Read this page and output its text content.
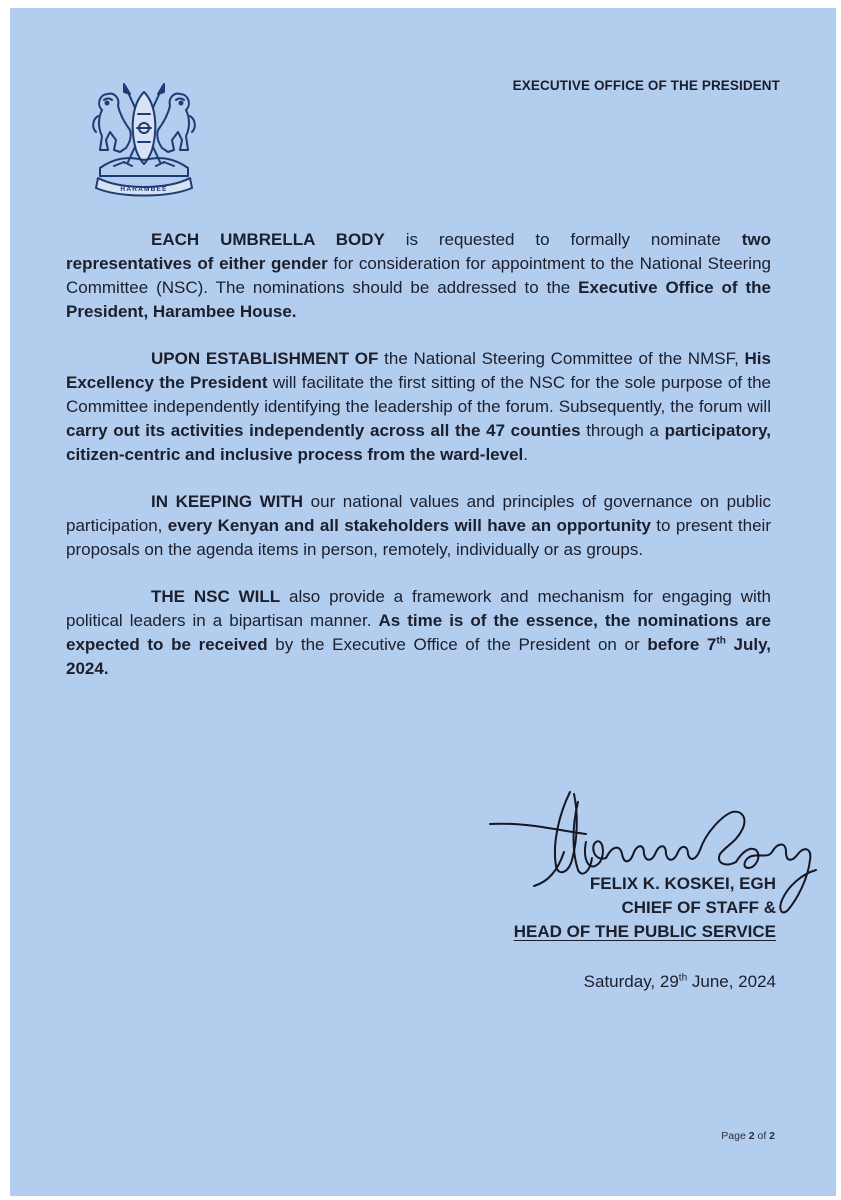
HARAMBEE
EXECUTIVE OFFICE OF THE PRESIDENT

EACH UMBRELLA BODY is requested to formally nominate two representatives of either gender for consideration for appointment to the National Steering Committee (NSC). The nominations should be addressed to the Executive Office of the President, Harambee House.

UPON ESTABLISHMENT OF the National Steering Committee of the NMSF, His Excellency the President will facilitate the first sitting of the NSC for the sole purpose of the Committee independently identifying the leadership of the forum. Subsequently, the forum will carry out its activities independently across all the 47 counties through a participatory, citizen-centric and inclusive process from the ward-level.

IN KEEPING WITH our national values and principles of governance on public participation, every Kenyan and all stakeholders will have an opportunity to present their proposals on the agenda items in person, remotely, individually or as groups.

THE NSC WILL also provide a framework and mechanism for engaging with political leaders in a bipartisan manner. As time is of the essence, the nominations are expected to be received by the Executive Office of the President on or before 7th July, 2024.

FELIX K. KOSKEI, EGH
CHIEF OF STAFF &
HEAD OF THE PUBLIC SERVICE
Saturday, 29th June, 2024
Page 2 of 2
